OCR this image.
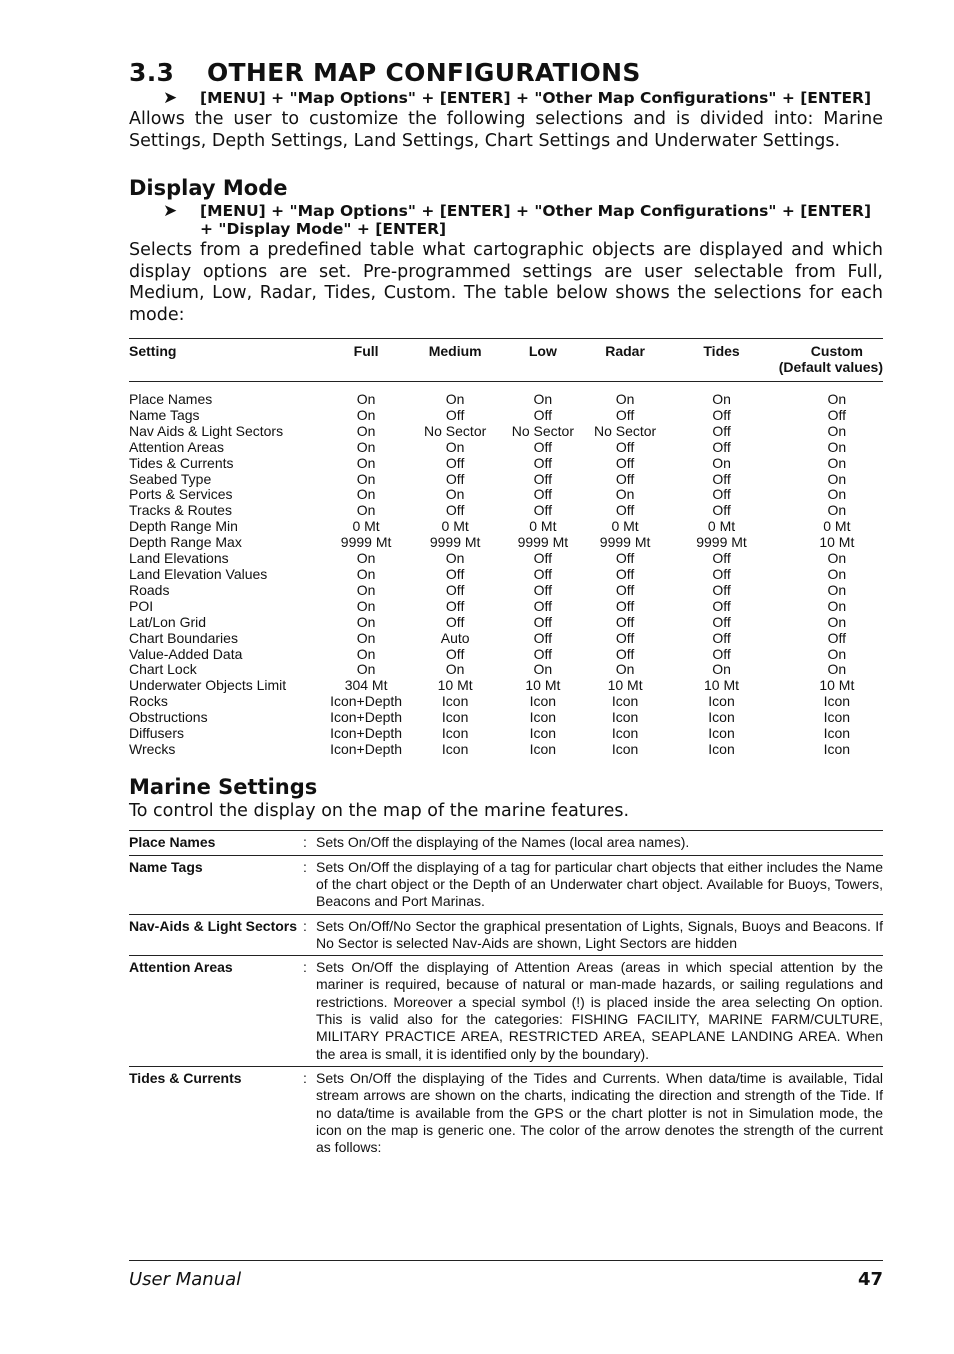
3.3 OTHER MAP CONFIGURATIONS
➤	[MENU] + "Map Options" + [ENTER] + "Other Map Configurations" + [ENTER]

Allows the user to customize the following selections and is divided into: Marine Settings, Depth Settings, Land Settings, Chart Settings and Underwater Settings.

Display Mode
➤	[MENU] + "Map Options" + [ENTER] + "Other Map Configurations" + [ENTER] + "Display Mode" + [ENTER]

Selects from a predefined table what cartographic objects are displayed and which display options are set. Pre-programmed settings are user selectable from Full, Medium, Low, Radar, Tides, Custom. The table below shows the selections for each mode:

Setting	Full	Medium	Low	Radar	Tides	Custom
(Default values)

Place Names	On	On	On	On	On	On
Name Tags	On	Off	Off	Off	Off	Off
Nav Aids & Light Sectors	On	No Sector	No Sector	No Sector	Off	On
Attention Areas	On	On	Off	Off	Off	On
Tides & Currents	On	Off	Off	Off	On	On
Seabed Type	On	Off	Off	Off	Off	On
Ports & Services	On	On	Off	On	Off	On
Tracks & Routes	On	Off	Off	Off	Off	On
Depth Range Min	0 Mt	0 Mt	0 Mt	0 Mt	0 Mt	0 Mt
Depth Range Max	9999 Mt	9999 Mt	9999 Mt	9999 Mt	9999 Mt	10 Mt
Land Elevations	On	On	Off	Off	Off	On
Land Elevation Values	On	Off	Off	Off	Off	On
Roads	On	Off	Off	Off	Off	On
POI	On	Off	Off	Off	Off	On
Lat/Lon Grid	On	Off	Off	Off	Off	On
Chart Boundaries	On	Auto	Off	Off	Off	Off
Value-Added Data	On	Off	Off	Off	Off	On
Chart Lock	On	On	On	On	On	On
Underwater Objects Limit	304 Mt	10 Mt	10 Mt	10 Mt	10 Mt	10 Mt
Rocks	Icon+Depth	Icon	Icon	Icon	Icon	Icon
Obstructions	Icon+Depth	Icon	Icon	Icon	Icon	Icon
Diffusers	Icon+Depth	Icon	Icon	Icon	Icon	Icon
Wrecks	Icon+Depth	Icon	Icon	Icon	Icon	Icon
Marine Settings

To control the display on the map of the marine features.

Place Names	:	Sets On/Off the displaying of the Names (local area names).
Name Tags	:	Sets On/Off the displaying of a tag for particular chart objects that either includes the Name of the chart object or the Depth of an Underwater chart object. Available for Buoys, Towers, Beacons and Port Marinas.
Nav-Aids & Light Sectors	:	Sets On/Off/No Sector the graphical presentation of Lights, Signals, Buoys and Beacons. If No Sector is selected Nav-Aids are shown, Light Sectors are hidden
Attention Areas	:	Sets On/Off the displaying of Attention Areas (areas in which special attention by the mariner is required, because of natural or man-made hazards, or sailing regulations and restrictions. Moreover a special symbol (!) is placed inside the area selecting On option. This is valid also for the categories: FISHING FACILITY, MARINE FARM/CULTURE, MILITARY PRACTICE AREA, RESTRICTED AREA, SEAPLANE LANDING AREA. When the area is small, it is identified only by the boundary).
Tides & Currents	:	Sets On/Off the displaying of the Tides and Currents. When data/time is available, Tidal stream arrows are shown on the charts, indicating the direction and strength of the Tide. If no data/time is available from the GPS or the chart plotter is not in Simulation mode, the icon on the map is generic one. The color of the arrow denotes the strength of the current as follows:
User Manual	47
